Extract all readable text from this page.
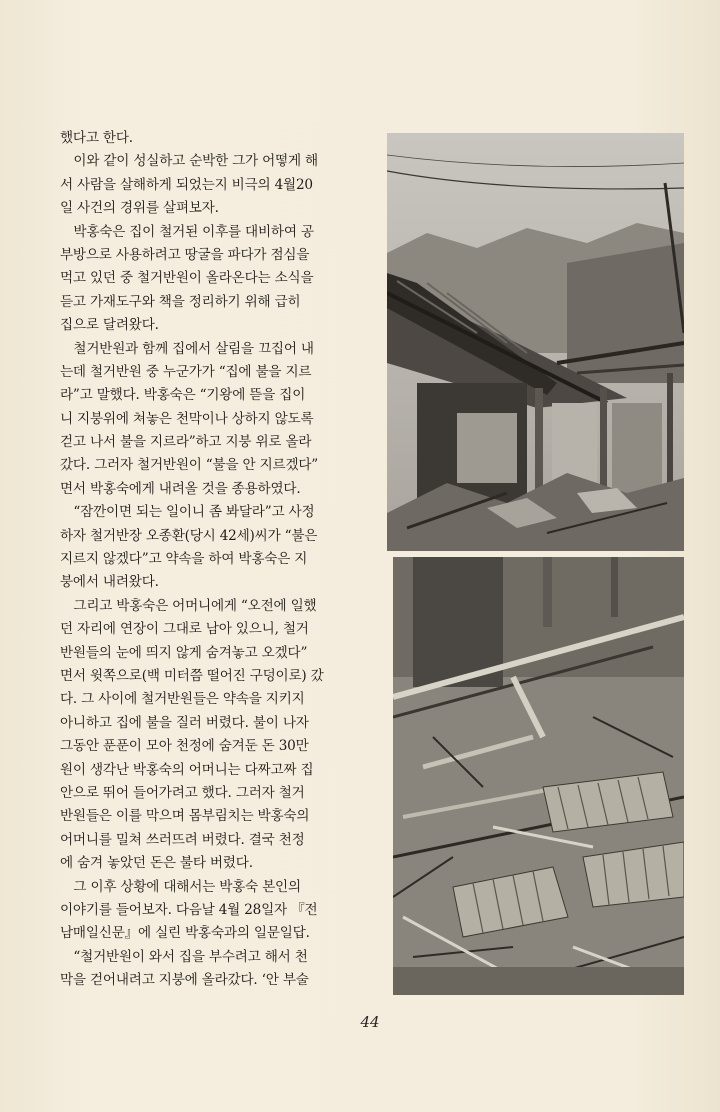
했다고 한다.
　이와 같이 성실하고 순박한 그가 어떻게 해
서 사람을 살해하게 되었는지 비극의 4월20
일 사건의 경위를 살펴보자.
　박홍숙은 집이 철거된 이후를 대비하여 공
부방으로 사용하려고 땅굴을 파다가 점심을
먹고 있던 중 철거반원이 올라온다는 소식을
듣고 가재도구와 책을 정리하기 위해 급히
집으로 달려왔다.
　철거반원과 함께 집에서 살림을 끄집어 내
는데 철거반원 중 누군가가 “집에 불을 지르
라”고 말했다. 박홍숙은 “기왕에 뜯을 집이
니 지붕위에 쳐놓은 천막이나 상하지 않도록
걷고 나서 불을 지르라”하고 지붕 위로 올라
갔다. 그러자 철거반원이 “불을 안 지르겠다”
면서 박홍숙에게 내려올 것을 종용하였다.
　“잠깐이면 되는 일이니 좀 봐달라”고 사정
하자 철거반장 오종환(당시 42세)씨가 “불은
지르지 않겠다”고 약속을 하여 박홍숙은 지
붕에서 내려왔다.
　그리고 박홍숙은 어머니에게 “오전에 일했
던 자리에 연장이 그대로 남아 있으니, 철거
반원들의 눈에 띄지 않게 숨겨놓고 오겠다”
면서 윗쪽으로(백 미터쯤 떨어진 구덩이로) 갔
다. 그 사이에 철거반원들은 약속을 지키지
아니하고 집에 불을 질러 버렸다. 불이 나자
그동안 푼푼이 모아 천정에 숨겨둔 돈 30만
원이 생각난 박홍숙의 어머니는 다짜고짜 집
안으로 뛰어 들어가려고 했다. 그러자 철거
반원들은 이를 막으며 몸부림치는 박홍숙의
어머니를 밀쳐 쓰러뜨려 버렸다. 결국 천정
에 숨겨 놓았던 돈은 불타 버렸다.
　그 이후 상황에 대해서는 박홍숙 본인의
이야기를 들어보자. 다음날 4월 28일자 『전
남매일신문』에 실린 박홍숙과의 일문일답.
　“철거반원이 와서 집을 부수려고 해서 천
막을 걷어내려고 지붕에 올라갔다. ‘안 부술
44
